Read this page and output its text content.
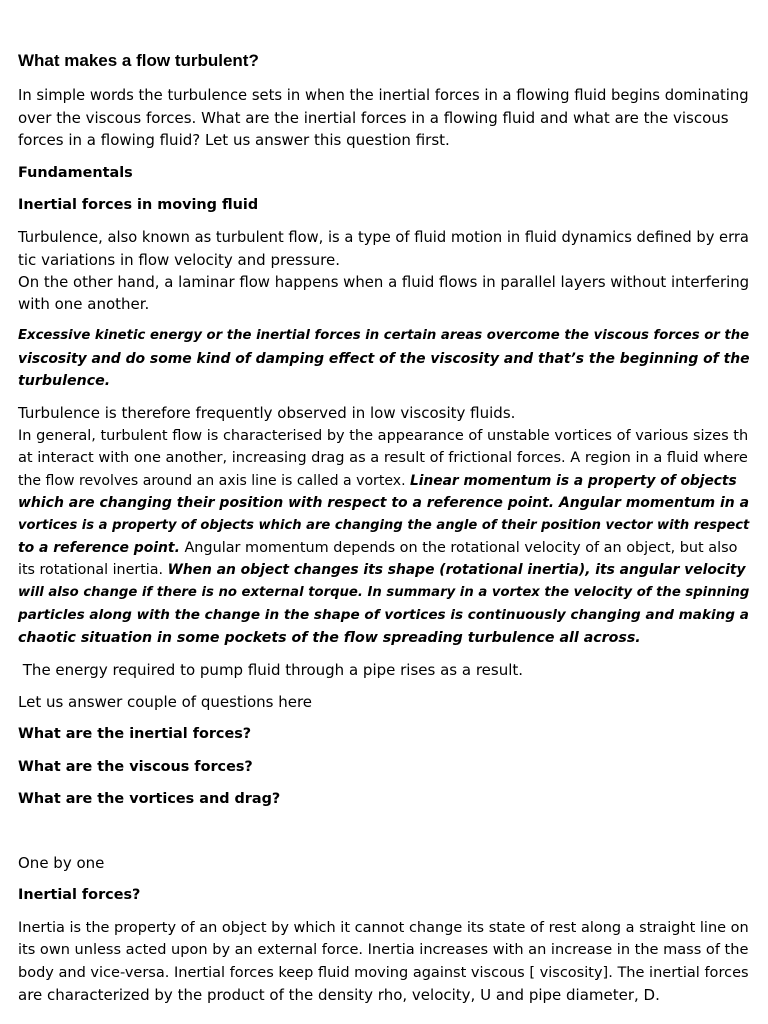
What makes a flow turbulent?
In simple words the turbulence sets in when the inertial forces in a flowing fluid begins dominating
over the viscous forces. What are the inertial forces in a flowing fluid and what are the viscous
forces in a flowing fluid? Let us answer this question first.
Fundamentals
Inertial forces in moving fluid
Turbulence, also known as turbulent flow, is a type of fluid motion in fluid dynamics defined by erra
tic variations in flow velocity and pressure.
On the other hand, a laminar flow happens when a fluid flows in parallel layers without interfering
with one another.
Excessive kinetic energy or the inertial forces in certain areas overcome the viscous forces or the
viscosity and do some kind of damping effect of the viscosity and that’s the beginning of the
turbulence.
Turbulence is therefore frequently observed in low viscosity fluids.
In general, turbulent flow is characterised by the appearance of unstable vortices of various sizes th
at interact with one another, increasing drag as a result of frictional forces. A region in a fluid where
the flow revolves around an axis line is called a vortex. Linear momentum is a property of objects
which are changing their position with respect to a reference point. Angular momentum in a
vortices is a property of objects which are changing the angle of their position vector with respect
to a reference point. Angular momentum depends on the rotational velocity of an object, but also
its rotational inertia. When an object changes its shape (rotational inertia), its angular velocity
will also change if there is no external torque. In summary in a vortex the velocity of the spinning
particles along with the change in the shape of vortices is continuously changing and making a
chaotic situation in some pockets of the flow spreading turbulence all across.
The energy required to pump fluid through a pipe rises as a result.
Let us answer couple of questions here
What are the inertial forces?
What are the viscous forces?
What are the vortices and drag?
One by one
Inertial forces?
Inertia is the property of an object by which it cannot change its state of rest along a straight line on
its own unless acted upon by an external force. Inertia increases with an increase in the mass of the
body and vice-versa. Inertial forces keep fluid moving against viscous [ viscosity]. The inertial forces
are characterized by the product of the density rho, velocity, U and pipe diameter, D.
